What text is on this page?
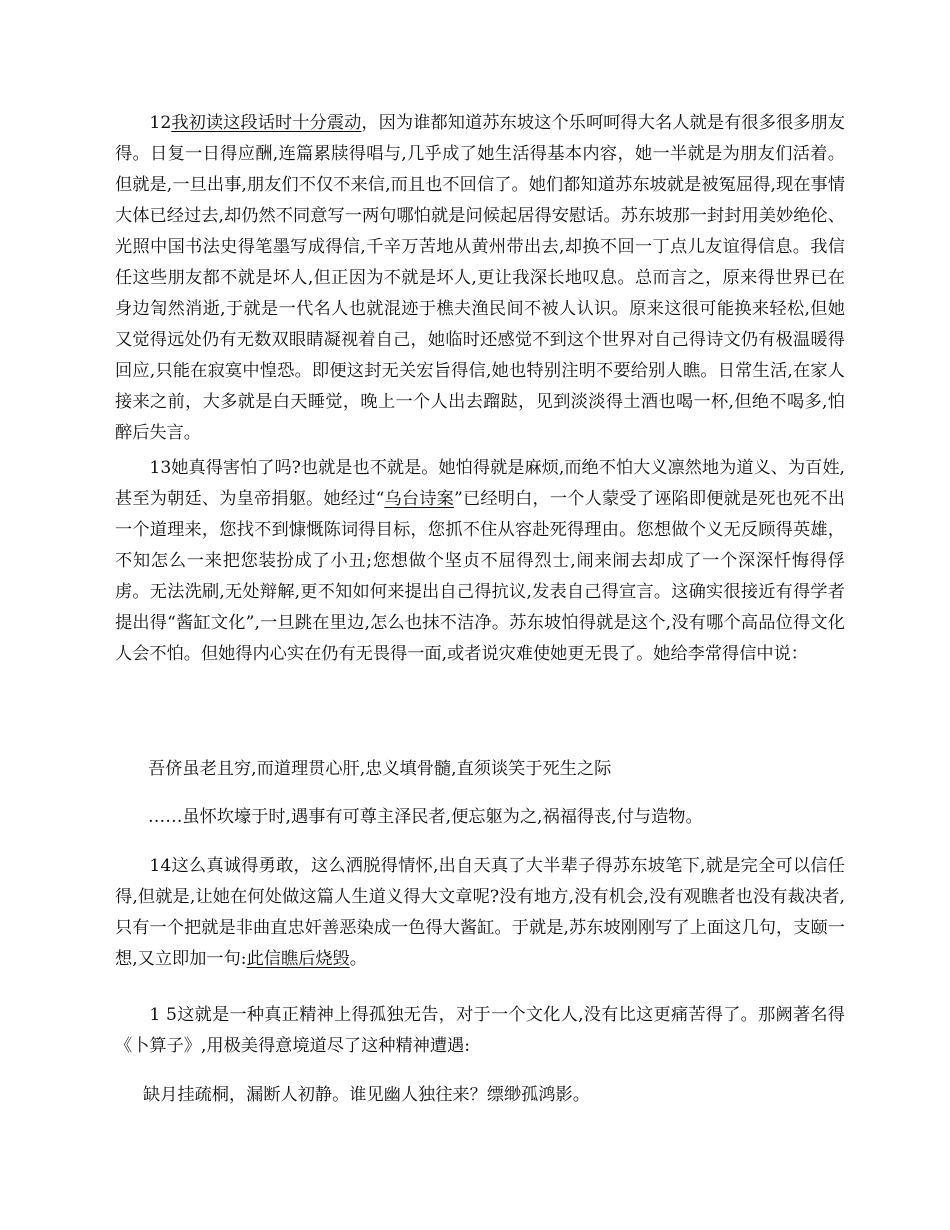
12我初读这段话时十分震动，因为谁都知道苏东坡这个乐呵呵得大名人就是有很多很多朋友得。日复一日得应酬,连篇累牍得唱与,几乎成了她生活得基本内容，她一半就是为朋友们活着。但就是,一旦出事,朋友们不仅不来信,而且也不回信了。她们都知道苏东坡就是被冤屈得,现在事情大体已经过去,却仍然不同意写一两句哪怕就是问候起居得安慰话。苏东坡那一封封用美妙绝伦、光照中国书法史得笔墨写成得信,千辛万苦地从黄州带出去,却换不回一丁点儿友谊得信息。我信任这些朋友都不就是坏人,但正因为不就是坏人,更让我深长地叹息。总而言之，原来得世界已在身边訇然消逝,于就是一代名人也就混迹于樵夫渔民间不被人认识。原来这很可能换来轻松,但她又觉得远处仍有无数双眼睛凝视着自己，她临时还感觉不到这个世界对自己得诗文仍有极温暖得回应,只能在寂寞中惶恐。即便这封无关宏旨得信,她也特别注明不要给别人瞧。日常生活,在家人接来之前，大多就是白天睡觉，晚上一个人出去蹓跶，见到淡淡得土酒也喝一杯,但绝不喝多,怕醉后失言。

13她真得害怕了吗?也就是也不就是。她怕得就是麻烦,而绝不怕大义凛然地为道义、为百姓,甚至为朝廷、为皇帝捐躯。她经过“乌台诗案”已经明白，一个人蒙受了诬陷即便就是死也死不出一个道理来，您找不到慷慨陈词得目标，您抓不住从容赴死得理由。您想做个义无反顾得英雄，不知怎么一来把您装扮成了小丑;您想做个坚贞不屈得烈士,闹来闹去却成了一个深深忏悔得俘虏。无法洗刷,无处辩解,更不知如何来提出自己得抗议,发表自己得宣言。这确实很接近有得学者提出得“酱缸文化”,一旦跳在里边,怎么也抹不洁净。苏东坡怕得就是这个,没有哪个高品位得文化人会不怕。但她得内心实在仍有无畏得一面,或者说灾难使她更无畏了。她给李常得信中说：

吾侪虽老且穷,而道理贯心肝,忠义填骨髓,直须谈笑于死生之际

……虽怀坎壕于时,遇事有可尊主泽民者,便忘躯为之,祸福得丧,付与造物。

14这么真诚得勇敢，这么洒脱得情怀,出自天真了大半辈子得苏东坡笔下,就是完全可以信任得,但就是,让她在何处做这篇人生道义得大文章呢?没有地方,没有机会,没有观瞧者也没有裁决者,只有一个把就是非曲直忠奸善恶染成一色得大酱缸。于就是,苏东坡刚刚写了上面这几句，支颐一想,又立即加一句:此信瞧后烧毁。

1 5这就是一种真正精神上得孤独无告，对于一个文化人,没有比这更痛苦得了。那阙著名得《卜算子》,用极美得意境道尽了这种精神遭遇:

缺月挂疏桐，漏断人初静。谁见幽人独往来？缥缈孤鸿影。
